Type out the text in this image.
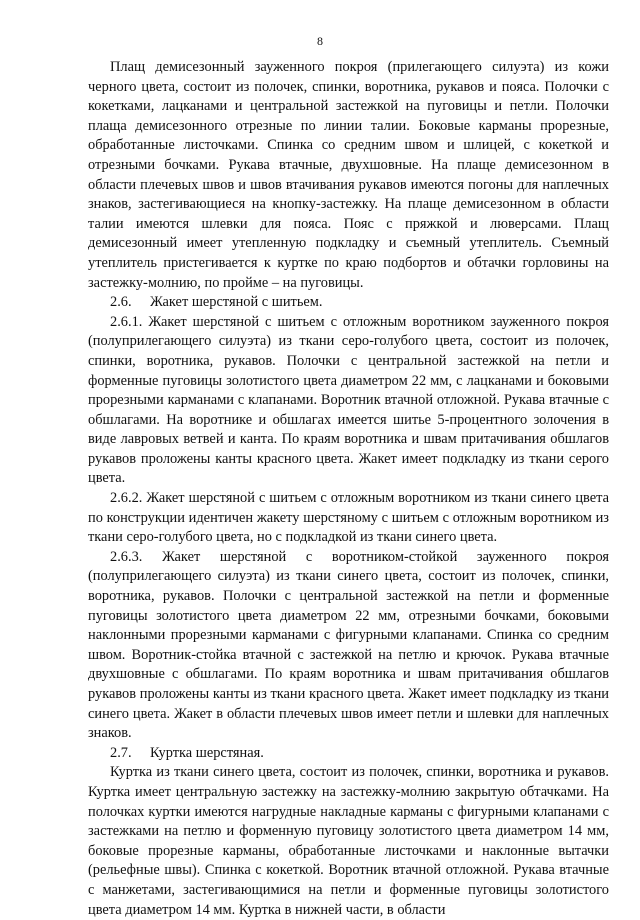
8

Плащ демисезонный зауженного покроя (прилегающего силуэта) из кожи черного цвета, состоит из полочек, спинки, воротника, рукавов и пояса. Полочки с кокетками, лацканами и центральной застежкой на пуговицы и петли. Полочки плаща демисезонного отрезные по линии талии. Боковые карманы прорезные, обработанные листочками. Спинка со средним швом и шлицей, с кокеткой и отрезными бочками. Рукава втачные, двухшовные. На плаще демисезонном в области плечевых швов и швов втачивания рукавов имеются погоны для наплечных знаков, застегивающиеся на кнопку-застежку. На плаще демисезонном в области талии имеются шлевки для пояса. Пояс с пряжкой и люверсами. Плащ демисезонный имеет утепленную подкладку и съемный утеплитель. Съемный утеплитель пристегивается к куртке по краю подбортов и обтачки горловины на застежку-молнию, по пройме – на пуговицы.

2.6. Жакет шерстяной с шитьем.

2.6.1. Жакет шерстяной с шитьем с отложным воротником зауженного покроя (полуприлегающего силуэта) из ткани серо-голубого цвета, состоит из полочек, спинки, воротника, рукавов. Полочки с центральной застежкой на петли и форменные пуговицы золотистого цвета диаметром 22 мм, с лацканами и боковыми прорезными карманами с клапанами. Воротник втачной отложной. Рукава втачные с обшлагами. На воротнике и обшлагах имеется шитье 5-процентного золочения в виде лавровых ветвей и канта. По краям воротника и швам притачивания обшлагов рукавов проложены канты красного цвета. Жакет имеет подкладку из ткани серого цвета.

2.6.2. Жакет шерстяной с шитьем с отложным воротником из ткани синего цвета по конструкции идентичен жакету шерстяному с шитьем с отложным воротником из ткани серо-голубого цвета, но с подкладкой из ткани синего цвета.

2.6.3. Жакет шерстяной с воротником-стойкой зауженного покроя (полуприлегающего силуэта) из ткани синего цвета, состоит из полочек, спинки, воротника, рукавов. Полочки с центральной застежкой на петли и форменные пуговицы золотистого цвета диаметром 22 мм, отрезными бочками, боковыми наклонными прорезными карманами с фигурными клапанами. Спинка со средним швом. Воротник-стойка втачной с застежкой на петлю и крючок. Рукава втачные двухшовные с обшлагами. По краям воротника и швам притачивания обшлагов рукавов проложены канты из ткани красного цвета. Жакет имеет подкладку из ткани синего цвета. Жакет в области плечевых швов имеет петли и шлевки для наплечных знаков.

2.7. Куртка шерстяная.

Куртка из ткани синего цвета, состоит из полочек, спинки, воротника и рукавов. Куртка имеет центральную застежку на застежку-молнию закрытую обтачками. На полочках куртки имеются нагрудные накладные карманы с фигурными клапанами с застежками на петлю и форменную пуговицу золотистого цвета диаметром 14 мм, боковые прорезные карманы, обработанные листочками и наклонные вытачки (рельефные швы). Спинка с кокеткой. Воротник втачной отложной. Рукава втачные с манжетами, застегивающимися на петли и форменные пуговицы золотистого цвета диаметром 14 мм. Куртка в нижней части, в области
